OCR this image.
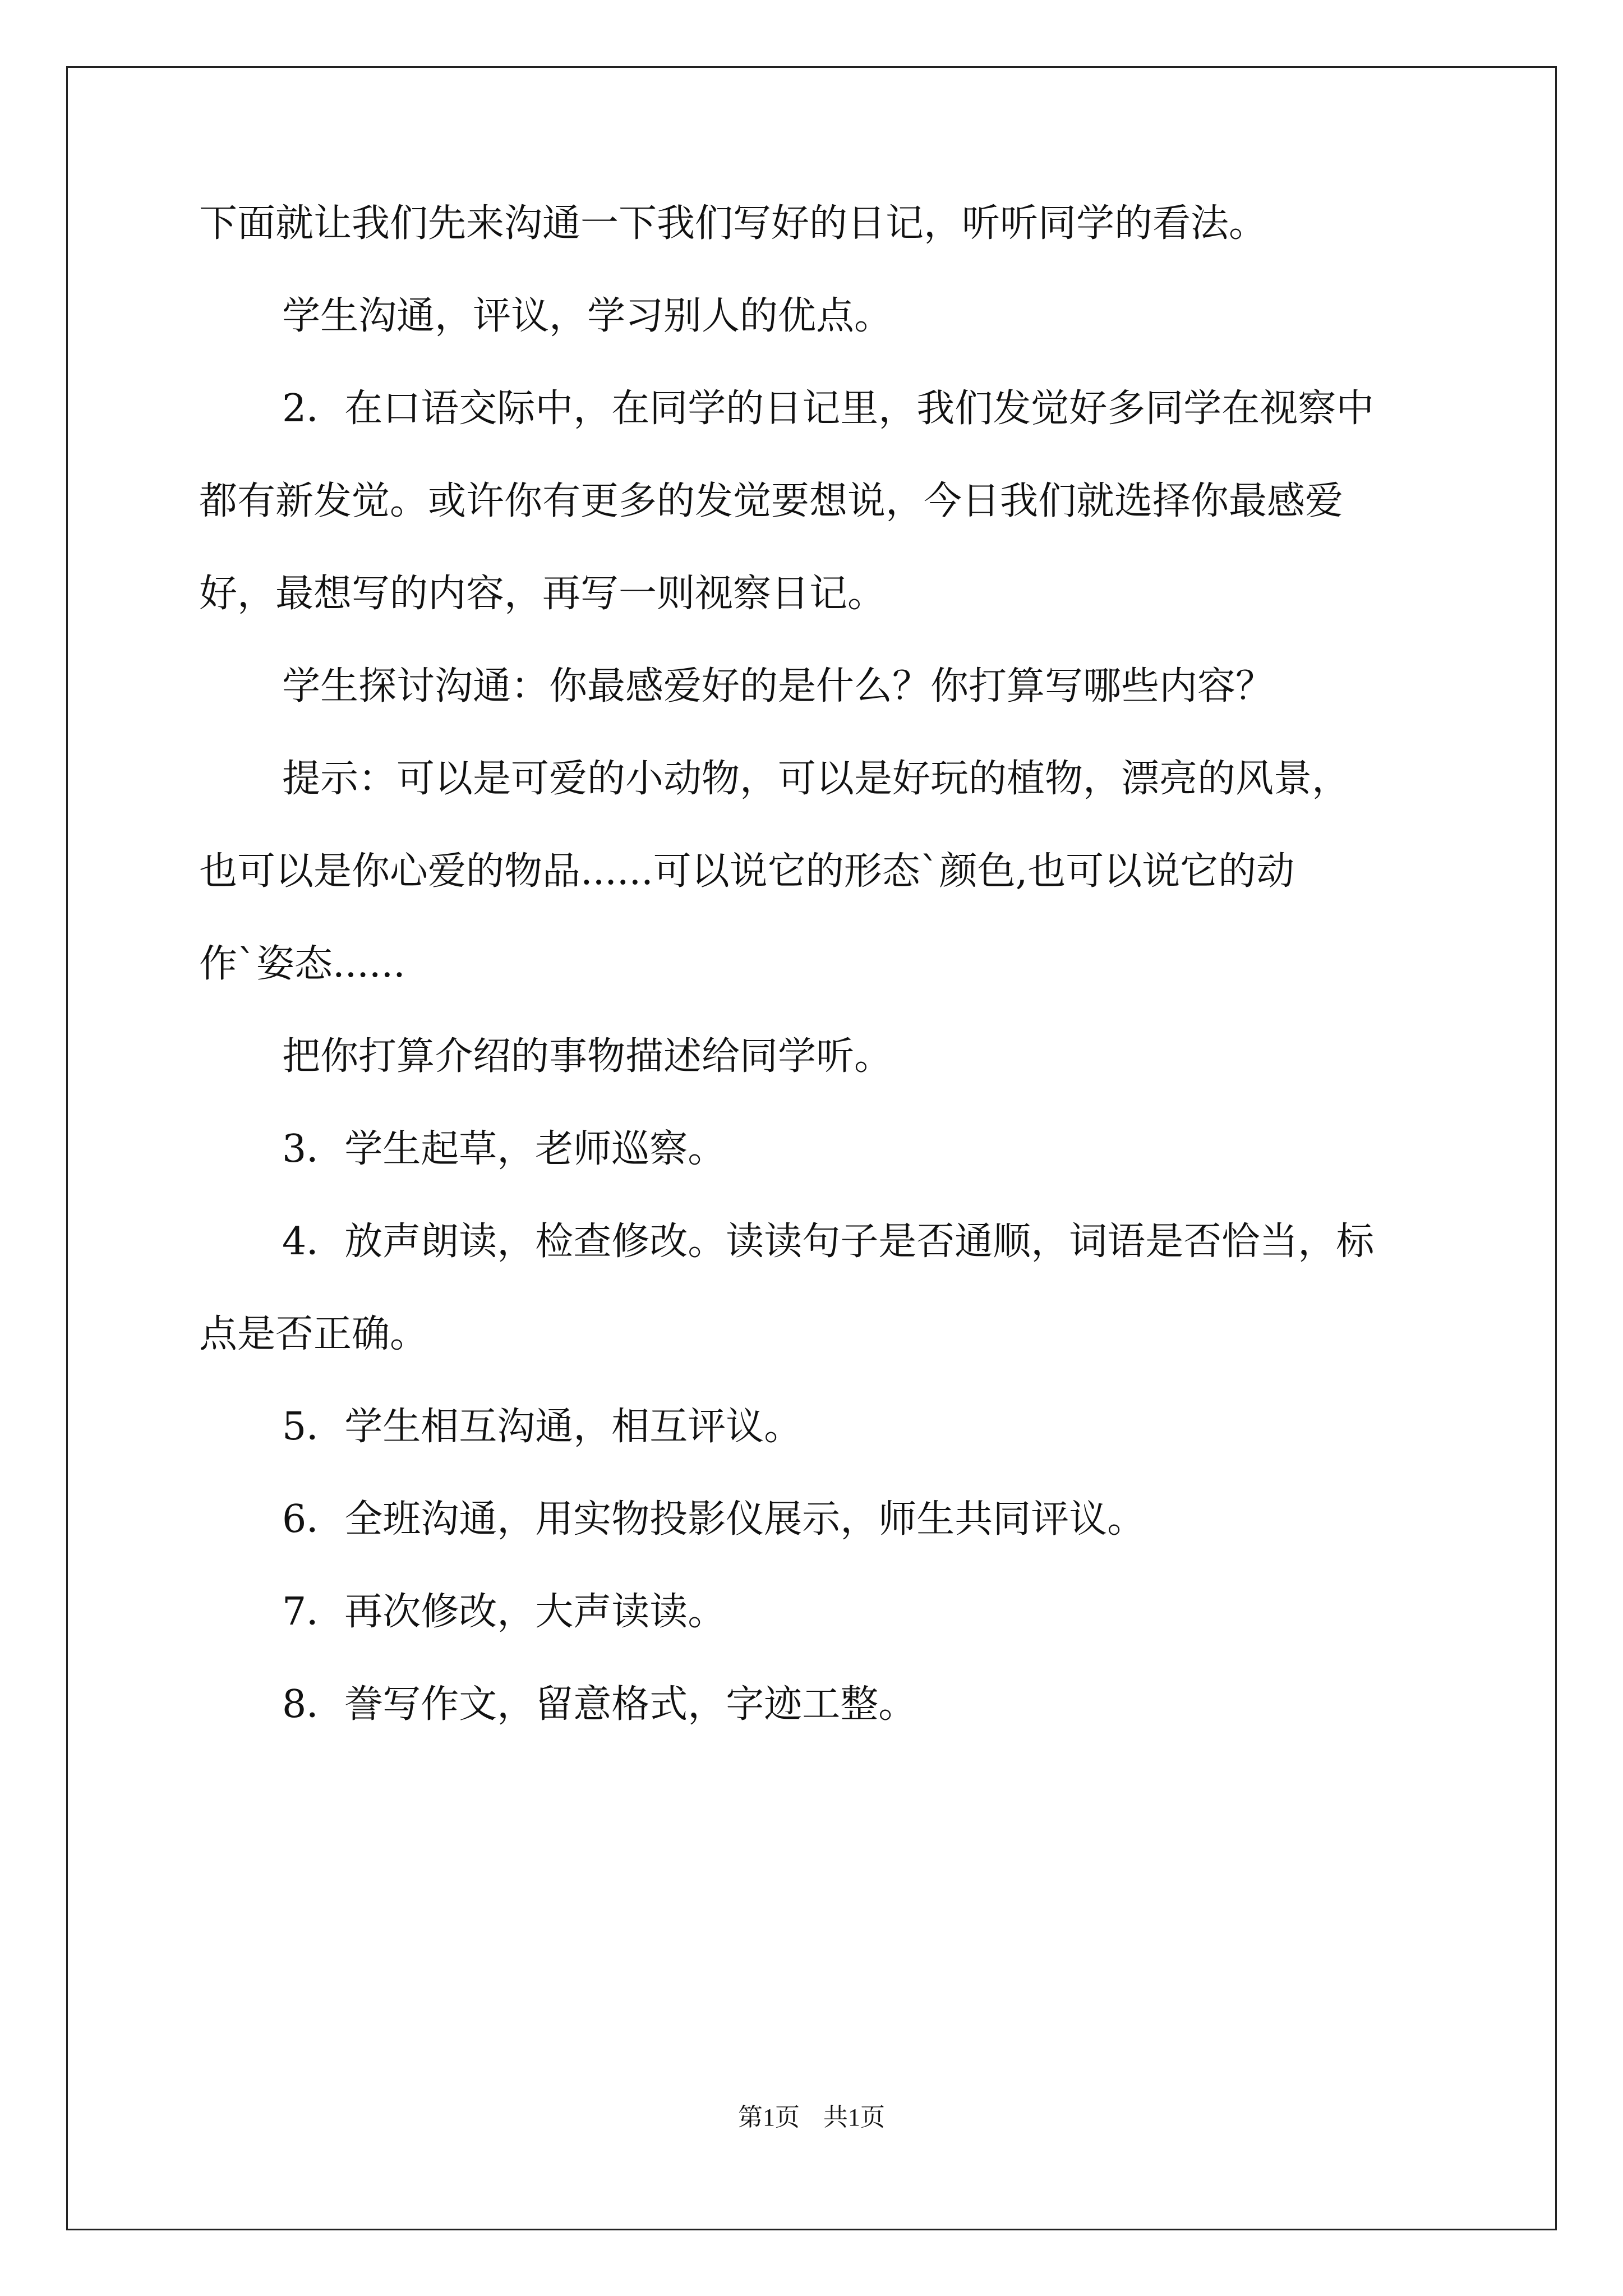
下面就让我们先来沟通一下我们写好的日记，听听同学的看法。
学生沟通，评议，学习别人的优点。
2．在口语交际中，在同学的日记里，我们发觉好多同学在视察中
都有新发觉。或许你有更多的发觉要想说，今日我们就选择你最感爱
好，最想写的内容，再写一则视察日记。
学生探讨沟通：你最感爱好的是什么？你打算写哪些内容？
提示：可以是可爱的小动物，可以是好玩的植物，漂亮的风景，
也可以是你心爱的物品......可以说它的形态`颜色,也可以说它的动
作`姿态......
把你打算介绍的事物描述给同学听。
3．学生起草，老师巡察。
4．放声朗读，检查修改。读读句子是否通顺，词语是否恰当，标
点是否正确。
5．学生相互沟通，相互评议。
6．全班沟通，用实物投影仪展示，师生共同评议。
7．再次修改，大声读读。
8．誊写作文，留意格式，字迹工整。
第1页 共1页
